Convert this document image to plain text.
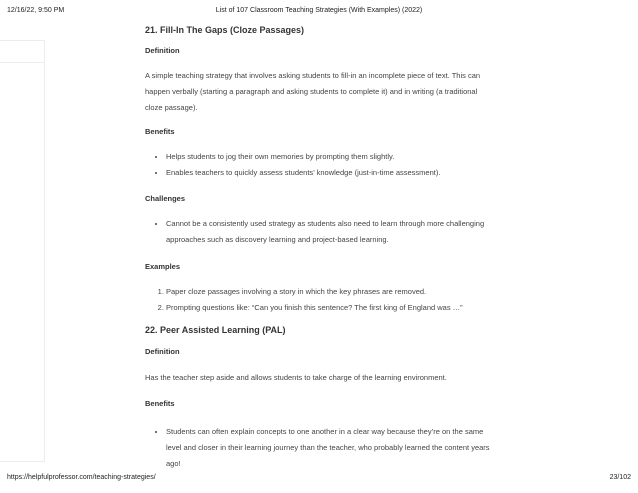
List of 107 Classroom Teaching Strategies (With Examples) (2022)
12/16/22, 9:50 PM
21. Fill-In The Gaps (Cloze Passages)
Definition
A simple teaching strategy that involves asking students to fill-in an incomplete piece of text. This can happen verbally (starting a paragraph and asking students to complete it) and in writing (a traditional cloze passage).
Benefits
• Helps students to jog their own memories by prompting them slightly.
• Enables teachers to quickly assess students’ knowledge (just-in-time assessment).
Challenges
• Cannot be a consistently used strategy as students also need to learn through more challenging approaches such as discovery learning and project-based learning.
Examples
1. Paper cloze passages involving a story in which the key phrases are removed.
2. Prompting questions like: “Can you finish this sentence? The first king of England was …”
22. Peer Assisted Learning (PAL)
Definition
Has the teacher step aside and allows students to take charge of the learning environment.
Benefits
• Students can often explain concepts to one another in a clear way because they’re on the same level and closer in their learning journey than the teacher, who probably learned the content years ago!
https://helpfulprofessor.com/teaching-strategies/	23/102
